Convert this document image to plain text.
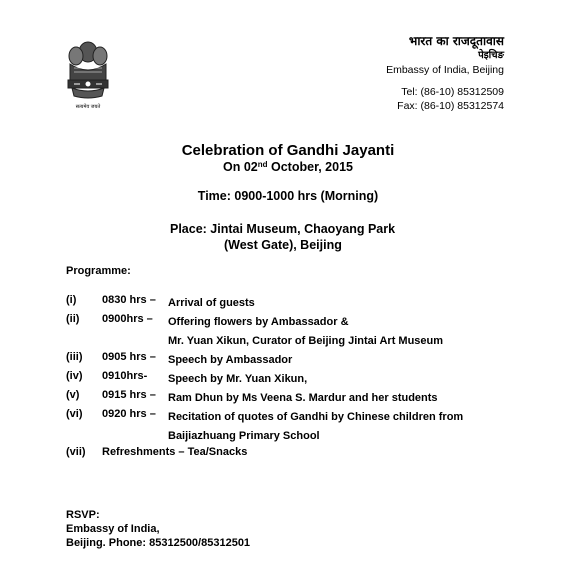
सत्यमेव जयते
भारत का राजदूतावास
पेइचिङ
Embassy of India, Beijing
Tel: (86-10) 85312509
Fax: (86-10) 85312574
Celebration of Gandhi Jayanti
On 02nd October, 2015
Time: 0900-1000 hrs (Morning)
Place: Jintai Museum, Chaoyang Park
(West Gate), Beijing
Programme:
(i) 0830 hrs – Arrival of guests
(ii) 0900hrs – Offering flowers by Ambassador &
Mr. Yuan Xikun, Curator of Beijing Jintai Art Museum
(iii) 0905 hrs – Speech by Ambassador
(iv) 0910hrs- Speech by Mr. Yuan Xikun,
(v) 0915 hrs – Ram Dhun by Ms Veena S. Mardur and her students
(vi) 0920 hrs – Recitation of quotes of Gandhi by Chinese children from
Baijiazhuang Primary School
(vii) Refreshments – Tea/Snacks
RSVP:
Embassy of India,
Beijing. Phone: 85312500/85312501
